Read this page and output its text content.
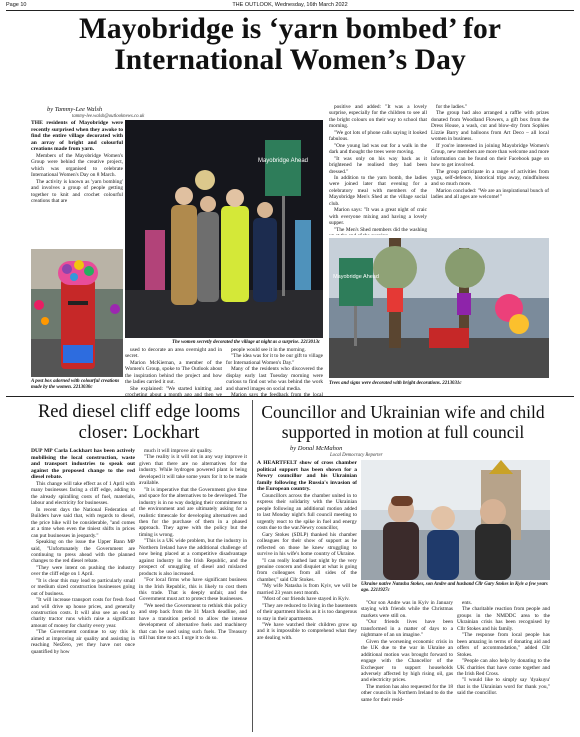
Page 10	THE OUTLOOK, Wednesday, 16th March 2022
Mayobridge is ‘yarn bombed’ for International Women’s Day
by Tammy-Lee Walsh
tammy-lee.walsh@outlooknews.co.uk

THE residents of Mayobridge were recently surprised when they awoke to find the entire village decorated with an array of bright and colourful creations made from yarn.

Members of the Mayobridge Women's Group were behind the creative project, which was organised to celebrate International Women's Day on 8 March.

The activity is known as 'yarn bombing' and involves a group of people getting together to knit and crochet colourful creations that are

A post box adorned with colourful creations made by the women. 2213030c
Mayobridge Ahead
The women secretly decorated the village at night as a surprise. 2213013c
Mayobridge Ahead
Trees and signs were decorated with bright decorations. 2213031c

used to decorate an area overnight and in secret.

Marion McKiernan, a member of the Women's Group, spoke to The Outlook about the inspiration behind the project and how the ladies carried it out.

She explained: "We started knitting and crocheting about a month ago and then we

people would see it in the morning.

"The idea was for it to be our gift to village for International Women's Day."

Many of the residents who discovered the display early last Tuesday morning were curious to find out who was behind the work and shared images on social media.

Marion says the feedback from the local

positive and added: "It was a lovely surprise, especially for the children to see all the bright colours on their way to school that morning.

"We got lots of phone calls saying it looked fabulous.

"One young lad was out for a walk in the dark and thought the trees were moving.

"It was only on his way back as it brightened he realised they had been dressed."

In addition to the yarn bomb, the ladies were joined later that evening for a celebratory meal with members of the Mayobridge Men's Shed at the village social club.

Marion says: "It was a great night of craic with everyone mixing and having a lovely supper.

"The Men's Shed members did the washing

for the ladies."

The group had also arranged a raffle with prizes donated from Woodland Flowers, a gift box from the Dress House, a wash, cut and blow-dry from Sophies Lizzie Barry and balloons from Art Deco – all local women in business.

If you're interested in joining Mayobridge Women's Group, new members are more than welcome and more information can be found on their Facebook page on how to get involved.

The group participate in a range of activities from yoga, self-defence, historical trips away, mindfulness and so much more.

Marion concluded: "We are an inspirational bunch of ladies and all ages are welcome!"

Red diesel cliff edge looms closer: Lockhart

DUP MP Carla Lockhart has been actively mobilising the local construction, waste and transport industries to speak out against the proposed change to the red diesel rebate.

This change will take effect as of 1 April with many businesses facing a cliff edge, adding to the already spiralling costs of fuel, materials, labour and electricity for businesses.

In recent days the National Federation of Builders have said that, with regards to diesel, the price hike will be considerable, "and comes at a time when even the tiniest shifts in prices can put businesses in jeopardy."

Speaking on the issue the Upper Bann MP said, "Unfortunately the Government are continuing to press ahead with the planned changes to the red diesel rebate.

"They were intent on pushing the industry over the cliff edge on 1 April.

"It is clear this may lead to particularly small or medium sized construction businesses going out of business.

"It will increase transport costs for fresh food and will drive up house prices, and generally construction costs. It will also see an end to charity tractor runs which raise a significant amount of money for charity every year.

"The Government continue to say this is aimed at improving air quality and assisting in reaching NetZero, yet they have not once quantified by how

much it will improve air quality.

"The reality is it will not in any way improve it given that there are no alternatives for the industry. While hydrogen powered plant is being developed it will take some years for it to be made available.

"It is imperative that the Government give time and space for the alternatives to be developed. The industry is in no way dodging their commitment to the environment and are ultimately asking for a realistic timescale for developing alternatives and then for the purchase of them in a phased approach. They agree with the policy but the timing is wrong.

"This is a UK wide problem, but the industry in Northern Ireland have the additional challenge of now being placed at a competitive disadvantage against industry in the Irish Republic, and the prospect of smuggling of diesel and mislaced products is also increased.

"For local firms who have significant business in the Irish Republic, this is likely to cost them this trade. That is deeply unfair, and the Government must act to protect these businesses.

"We need the Government to rethink this policy and step back from the 31 March deadline, and have a transition period to allow the intense development of alternative fuels and machinery that can be used using such fuels. The Treasury still has time to act. I urge it to do so.

Councillor and Ukrainian wife and child supported in motion at full council
by Donal McMahon
Local Democracy Reporter

A HEARTFELT show of cross chamber political support has been shown for a Newry councillor and his Ukrainian family following the Russia's invasion of the European country.

Councillors across the chamber united in to express their solidarity with the Ukrainian people following an additional motion added to last Monday night's full council meeting to urgently react to the spike in fuel and energy costs due to the war.Newry councillor,

Gary Stokes (SDLP) thanked his chamber colleagues for their show of support as he reflected on those he knew struggling to survive in his wife's home country of Ukraine.

"I can really loathed last night by the very genuine concern and disquiet at what is going from colleagues from all sides of the chamber," said Cllr Stokes.

"My wife Natasha is from Kyiv, we will be married 23 years next month.

"Most of our friends have stayed in Kyiv.

"They are reduced to living in the basements of their apartment blocks as it is too dangerous to stay in their apartments.

"We have watched their children grow up and it is impossible to comprehend what they are dealing with.

Ukraine native Natasha Stokes, son Andre and husband Cllr Gary Stokes in Kyiv a few years ago. 2211927c

"Our son Andre was in Kyiv in January staying with friends while the Christmas markets were still on.

"Our friends lives have been transformed in a matter of days to a nightmare of an un imagine."

Given the worsening economic crisis in the UK due to the war in Ukraine an additional motion was brought forward to engage with the Chancellor of the Exchequer to support households adversely affected by high rising oil, gas and electricity prices.

The motion has also requested for the 18 other councils in Northern Ireland to do the same for their resid-

ents.

The charitable reaction from people and groups in the NMDDC area to the Ukrainian crisis has been recognised by Cllr Stokes and his family.

"The response from local people has been amazing in terms of donating aid and offers of accommodation," added Cllr Stokes.

"People can also help by donating to the UK charities that have come together and the Irish Red Cross.

"I would like to simply say 'dyakuyu' that is the Ukrainian word for thank you," said the councillor.
